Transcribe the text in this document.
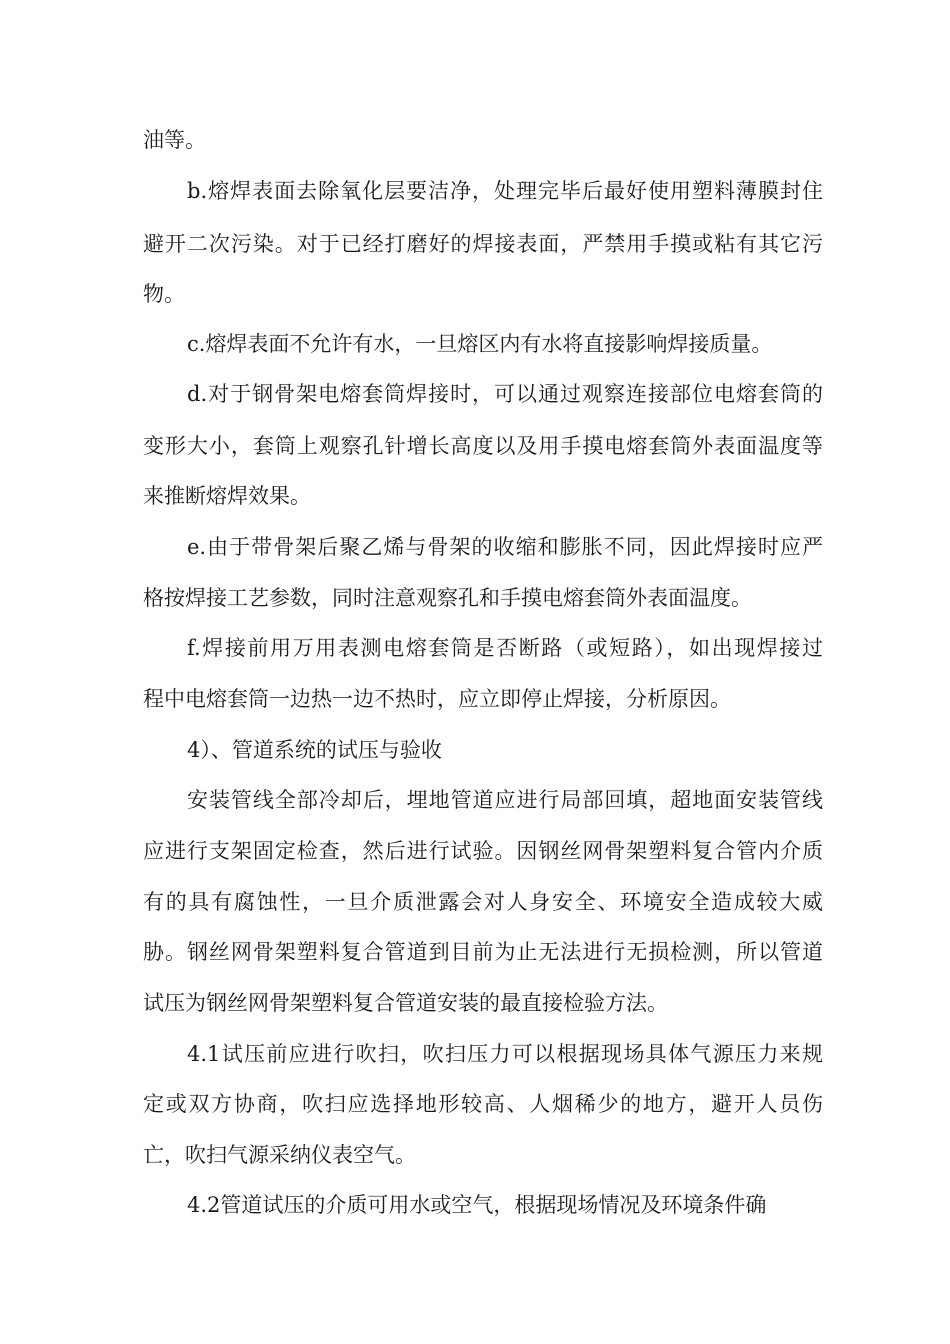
油等。
b.熔焊表面去除氧化层要洁净，处理完毕后最好使用塑料薄膜封住
避开二次污染。对于已经打磨好的焊接表面，严禁用手摸或粘有其它污
物。
c.熔焊表面不允许有水，一旦熔区内有水将直接影响焊接质量。
d.对于钢骨架电熔套筒焊接时，可以通过观察连接部位电熔套筒的
变形大小，套筒上观察孔针增长高度以及用手摸电熔套筒外表面温度等
来推断熔焊效果。
e.由于带骨架后聚乙烯与骨架的收缩和膨胀不同，因此焊接时应严
格按焊接工艺参数，同时注意观察孔和手摸电熔套筒外表面温度。
f.焊接前用万用表测电熔套筒是否断路（或短路），如出现焊接过
程中电熔套筒一边热一边不热时，应立即停止焊接，分析原因。
4）、管道系统的试压与验收
安装管线全部冷却后，埋地管道应进行局部回填，超地面安装管线
应进行支架固定检查，然后进行试验。因钢丝网骨架塑料复合管内介质
有的具有腐蚀性，一旦介质泄露会对人身安全、环境安全造成较大威
胁。钢丝网骨架塑料复合管道到目前为止无法进行无损检测，所以管道
试压为钢丝网骨架塑料复合管道安装的最直接检验方法。
4.1试压前应进行吹扫，吹扫压力可以根据现场具体气源压力来规
定或双方协商，吹扫应选择地形较高、人烟稀少的地方，避开人员伤
亡，吹扫气源采纳仪表空气。
4.2管道试压的介质可用水或空气，根据现场情况及环境条件确
